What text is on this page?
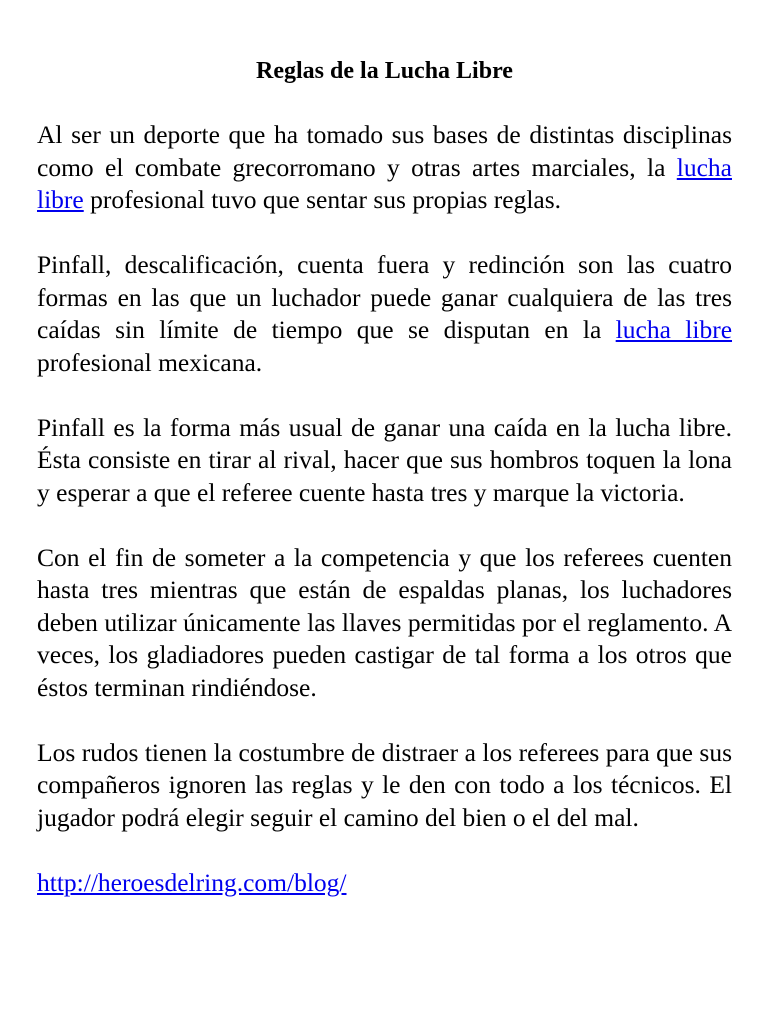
Reglas de la Lucha Libre

Al ser un deporte que ha tomado sus bases de distintas disciplinas como el combate grecorromano y otras artes marciales, la lucha libre profesional tuvo que sentar sus propias reglas.

Pinfall, descalificación, cuenta fuera y redinción son las cuatro formas en las que un luchador puede ganar cualquiera de las tres caídas sin límite de tiempo que se disputan en la lucha libre profesional mexicana.

Pinfall es la forma más usual de ganar una caída en la lucha libre. Ésta consiste en tirar al rival, hacer que sus hombros toquen la lona y esperar a que el referee cuente hasta tres y marque la victoria.

Con el fin de someter a la competencia y que los referees cuenten hasta tres mientras que están de espaldas planas, los luchadores deben utilizar únicamente las llaves permitidas por el reglamento. A veces, los gladiadores pueden castigar de tal forma a los otros que éstos terminan rindiéndose.

Los rudos tienen la costumbre de distraer a los referees para que sus compañeros ignoren las reglas y le den con todo a los técnicos. El jugador podrá elegir seguir el camino del bien o el del mal.

http://heroesdelring.com/blog/
